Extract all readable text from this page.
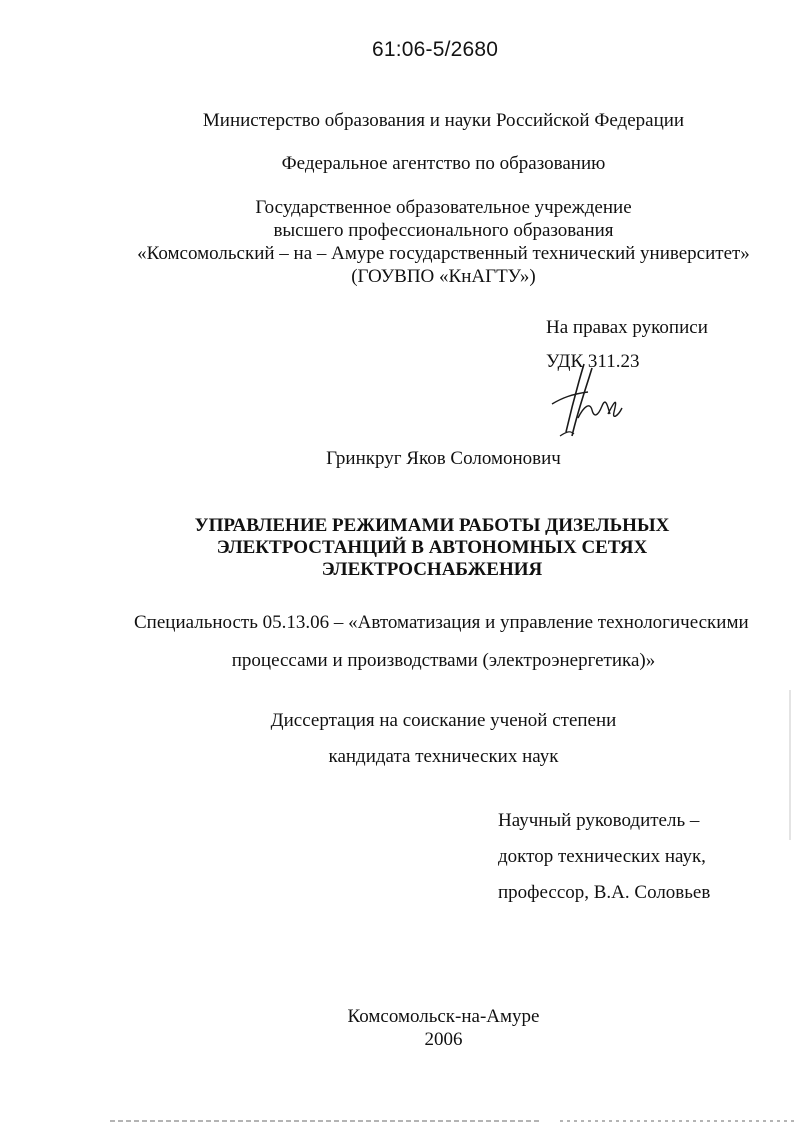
61:06-5/2680
Министерство образования и науки Российской Федерации
Федеральное агентство по образованию
Государственное образовательное учреждение
высшего профессионального образования
«Комсомольский – на – Амуре государственный технический университет»
(ГОУВПО «КнАГТУ»)
На правах рукописи
УДК 311.23
Гринкруг Яков Соломонович
УПРАВЛЕНИЕ РЕЖИМАМИ РАБОТЫ ДИЗЕЛЬНЫХ
ЭЛЕКТРОСТАНЦИЙ В АВТОНОМНЫХ СЕТЯХ
ЭЛЕКТРОСНАБЖЕНИЯ
Специальность 05.13.06 – «Автоматизация и управление технологическими
процессами и производствами (электроэнергетика)»
Диссертация на соискание ученой степени
кандидата технических наук
Научный руководитель –
доктор технических наук,
профессор, В.А. Соловьев
Комсомольск-на-Амуре
2006
